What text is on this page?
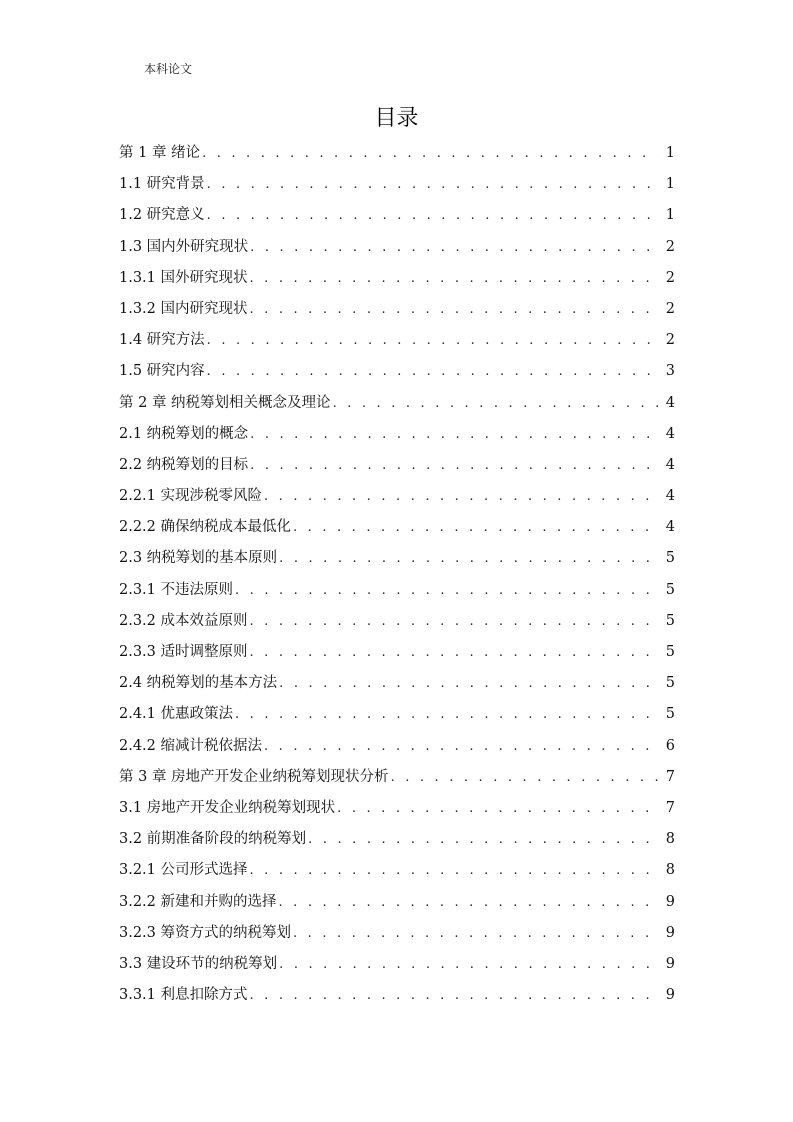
本科论文
目录
第 1 章 绪论 . . .	1
1.1 研究背景 . . .	1
1.2 研究意义 . . .	1
1.3 国内外研究现状 . . .	2
1.3.1 国外研究现状 . . .	2
1.3.2 国内研究现状 . . .	2
1.4 研究方法 . . .	2
1.5 研究内容 . . .	3
第 2 章 纳税筹划相关概念及理论 . . .	4
2.1 纳税筹划的概念 . . .	4
2.2 纳税筹划的目标 . . .	4
2.2.1 实现涉税零风险 . . .	4
2.2.2 确保纳税成本最低化 . . .	4
2.3 纳税筹划的基本原则 . . .	5
2.3.1 不违法原则 . . .	5
2.3.2 成本效益原则 . . .	5
2.3.3 适时调整原则 . . .	5
2.4 纳税筹划的基本方法 . . .	5
2.4.1 优惠政策法 . . .	5
2.4.2 缩减计税依据法 . . .	6
第 3 章 房地产开发企业纳税筹划现状分析 . . .	7
3.1 房地产开发企业纳税筹划现状 . . .	7
3.2 前期准备阶段的纳税筹划 . . .	8
3.2.1 公司形式选择 . . .	8
3.2.2 新建和并购的选择 . . .	9
3.2.3 筹资方式的纳税筹划 . . .	9
3.3 建设环节的纳税筹划 . . .	9
3.3.1 利息扣除方式 . . .	9
